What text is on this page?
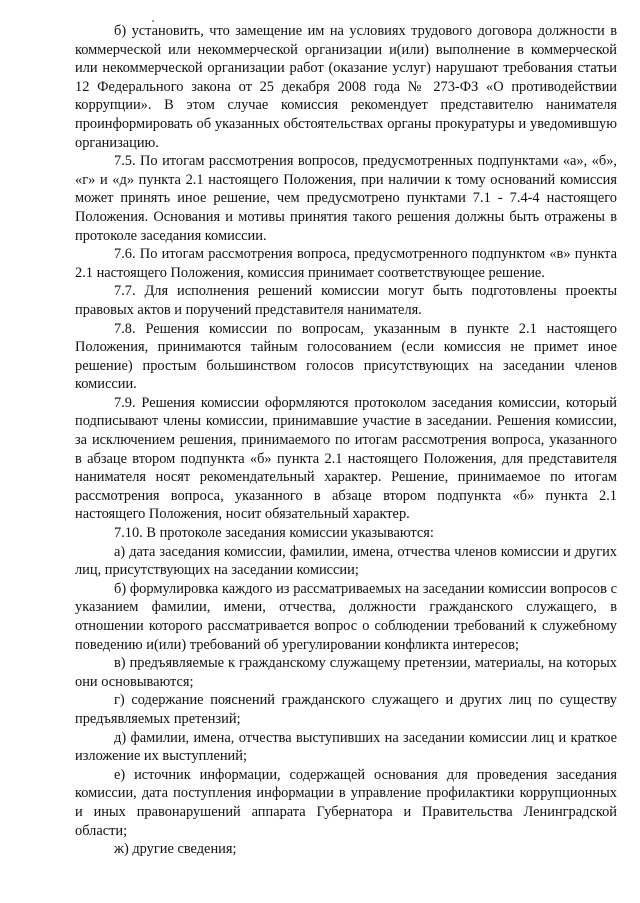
б) установить, что замещение им на условиях трудового договора должности в коммерческой или некоммерческой организации и(или) выполнение в коммерческой или некоммерческой организации работ (оказание услуг) нарушают требования статьи 12 Федерального закона от 25 декабря 2008 года № 273-ФЗ «О противодействии коррупции». В этом случае комиссия рекомендует представителю нанимателя проинформировать об указанных обстоятельствах органы прокуратуры и уведомившую организацию.

7.5. По итогам рассмотрения вопросов, предусмотренных подпунктами «а», «б», «г» и «д» пункта 2.1 настоящего Положения, при наличии к тому оснований комиссия может принять иное решение, чем предусмотрено пунктами 7.1 - 7.4-4 настоящего Положения. Основания и мотивы принятия такого решения должны быть отражены в протоколе заседания комиссии.

7.6. По итогам рассмотрения вопроса, предусмотренного подпунктом «в» пункта 2.1 настоящего Положения, комиссия принимает соответствующее решение.

7.7. Для исполнения решений комиссии могут быть подготовлены проекты правовых актов и поручений представителя нанимателя.

7.8. Решения комиссии по вопросам, указанным в пункте 2.1 настоящего Положения, принимаются тайным голосованием (если комиссия не примет иное решение) простым большинством голосов присутствующих на заседании членов комиссии.

7.9. Решения комиссии оформляются протоколом заседания комиссии, который подписывают члены комиссии, принимавшие участие в заседании. Решения комиссии, за исключением решения, принимаемого по итогам рассмотрения вопроса, указанного в абзаце втором подпункта «б» пункта 2.1 настоящего Положения, для представителя нанимателя носят рекомендательный характер. Решение, принимаемое по итогам рассмотрения вопроса, указанного в абзаце втором подпункта «б» пункта 2.1 настоящего Положения, носит обязательный характер.

7.10. В протоколе заседания комиссии указываются:

а) дата заседания комиссии, фамилии, имена, отчества членов комиссии и других лиц, присутствующих на заседании комиссии;

б) формулировка каждого из рассматриваемых на заседании комиссии вопросов с указанием фамилии, имени, отчества, должности гражданского служащего, в отношении которого рассматривается вопрос о соблюдении требований к служебному поведению и(или) требований об урегулировании конфликта интересов;

в) предъявляемые к гражданскому служащему претензии, материалы, на которых они основываются;

г) содержание пояснений гражданского служащего и других лиц по существу предъявляемых претензий;

д) фамилии, имена, отчества выступивших на заседании комиссии лиц и краткое изложение их выступлений;

е) источник информации, содержащей основания для проведения заседания комиссии, дата поступления информации в управление профилактики коррупционных и иных правонарушений аппарата Губернатора и Правительства Ленинградской области;

ж) другие сведения;
